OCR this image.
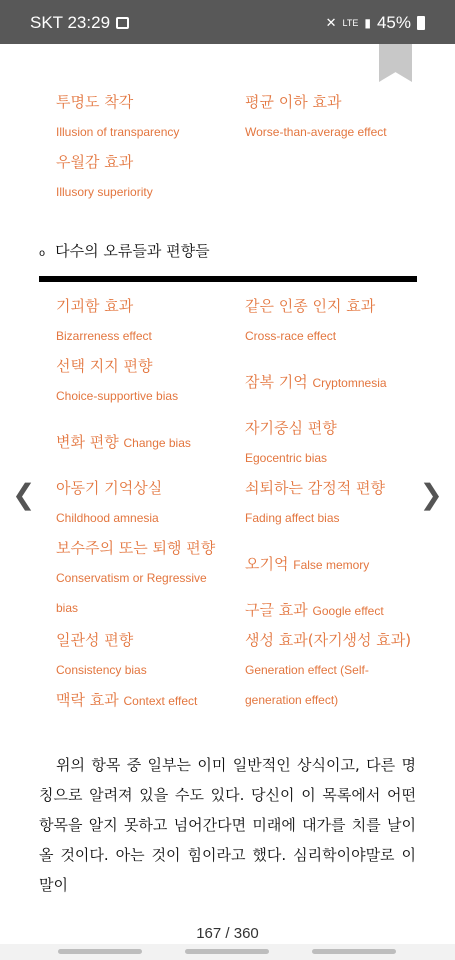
SKT 23:29	✕ LTE ▮ 45%
투명도 착각
Illusion of transparency
평균 이하 효과
Worse-than-average effect
우월감 효과
Illusory superiority
o 다수의 오류들과 편향들
기괴함 효과
Bizarreness effect
선택 지지 편향
Choice-supportive bias
변화 편향 Change bias
아동기 기억상실
Childhood amnesia
보수주의 또는 퇴행 편향
Conservatism or Regressive bias
일관성 편향
Consistency bias
맥락 효과 Context effect
같은 인종 인지 효과
Cross-race effect
잠복 기억 Cryptomnesia
자기중심 편향
Egocentric bias
쇠퇴하는 감정적 편향
Fading affect bias
오기억 False memory
구글 효과 Google effect
생성 효과(자기생성 효과)
Generation effect (Self-generation effect)
위의 항목 중 일부는 이미 일반적인 상식이고, 다른 명칭으로 알려져 있을 수도 있다. 당신이 이 목록에서 어떤 항목을 알지 못하고 넘어간다면 미래에 대가를 치를 날이 올 것이다. 아는 것이 힘이라고 했다. 심리학이야말로 이 말이
❮	❯
167 / 360
